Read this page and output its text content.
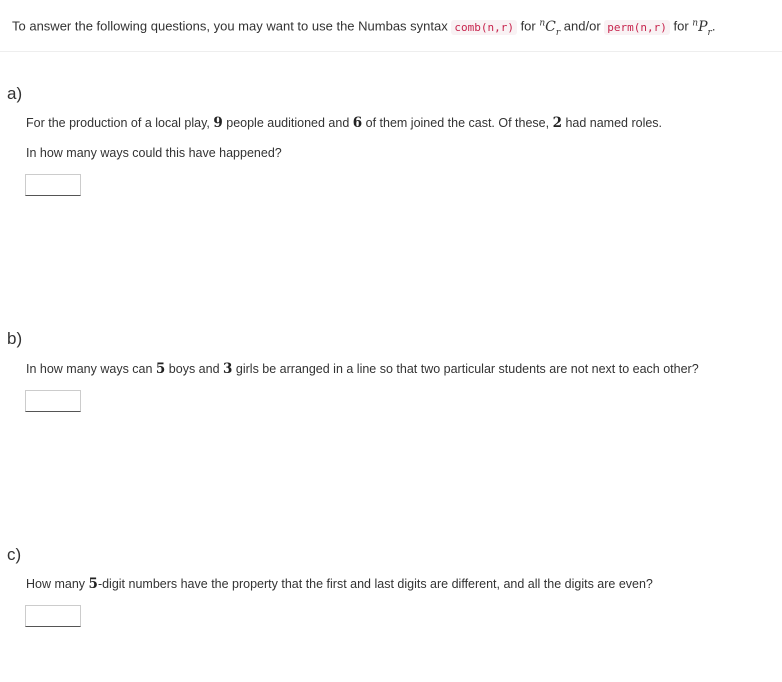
To answer the following questions, you may want to use the Numbas syntax comb(n,r) for $^nC_r$ and/or perm(n,r) for $^nP_r$.
a)
For the production of a local play, 9 people auditioned and 6 of them joined the cast. Of these, 2 had named roles.
In how many ways could this have happened?
b)
In how many ways can 5 boys and 3 girls be arranged in a line so that two particular students are not next to each other?
c)
How many 5-digit numbers have the property that the first and last digits are different, and all the digits are even?
